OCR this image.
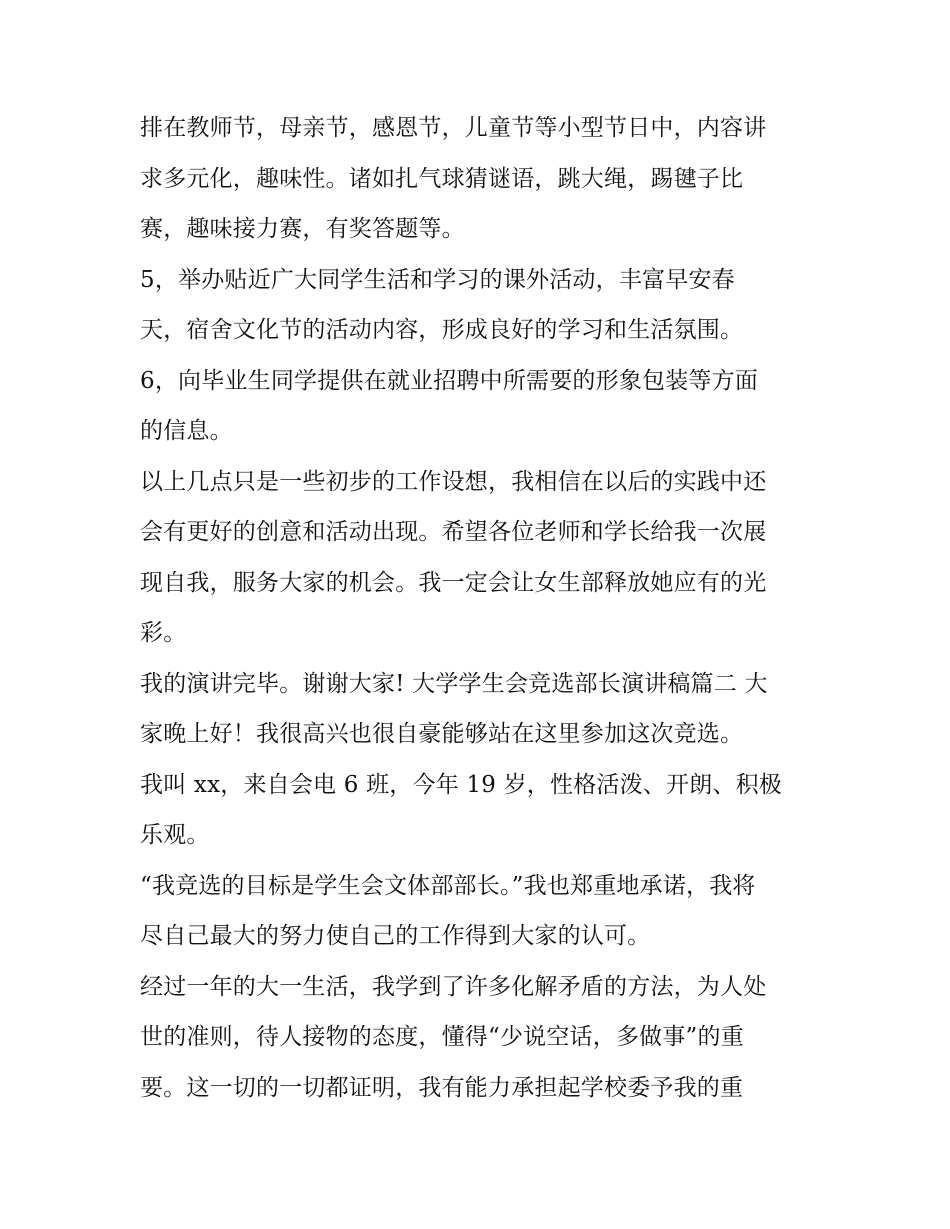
排在教师节，母亲节，感恩节，儿童节等小型节日中，内容讲
求多元化，趣味性。诸如扎气球猜谜语，跳大绳，踢毽子比
赛，趣味接力赛，有奖答题等。
5，举办贴近广大同学生活和学习的课外活动，丰富早安春
天，宿舍文化节的活动内容，形成良好的学习和生活氛围。
6，向毕业生同学提供在就业招聘中所需要的形象包装等方面
的信息。
以上几点只是一些初步的工作设想，我相信在以后的实践中还
会有更好的创意和活动出现。希望各位老师和学长给我一次展
现自我，服务大家的机会。我一定会让女生部释放她应有的光
彩。
我的演讲完毕。谢谢大家! 大学学生会竞选部长演讲稿篇二 大
家晚上好！我很高兴也很自豪能够站在这里参加这次竞选。
我叫 xx，来自会电 6 班，今年 19 岁，性格活泼、开朗、积极
乐观。
“我竞选的目标是学生会文体部部长。”我也郑重地承诺，我将
尽自己最大的努力使自己的工作得到大家的认可。
经过一年的大一生活，我学到了许多化解矛盾的方法，为人处
世的准则，待人接物的态度，懂得“少说空话，多做事”的重
要。这一切的一切都证明，我有能力承担起学校委予我的重
